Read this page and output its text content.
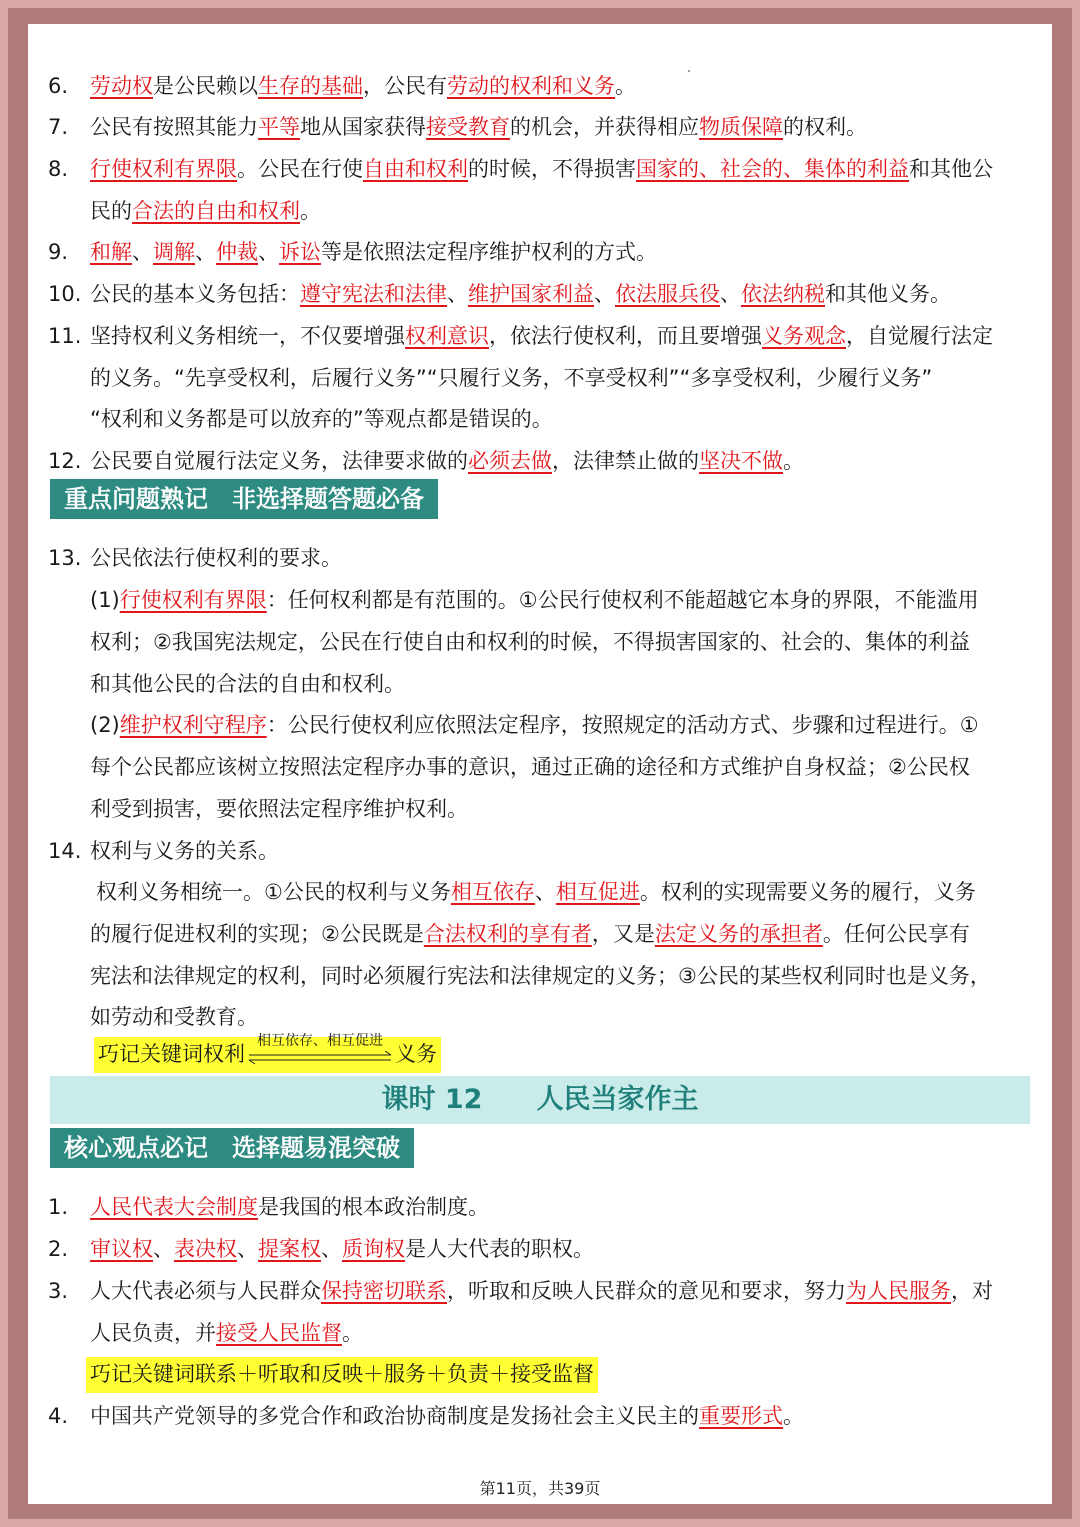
6. 劳动权是公民赖以生存的基础，公民有劳动的权利和义务。
7. 公民有按照其能力平等地从国家获得接受教育的机会，并获得相应物质保障的权利。
8. 行使权利有界限。公民在行使自由和权利的时候，不得损害国家的、社会的、集体的利益和其他公
民的合法的自由和权利。
9. 和解、调解、仲裁、诉讼等是依照法定程序维护权利的方式。
10. 公民的基本义务包括：遵守宪法和法律、维护国家利益、依法服兵役、依法纳税和其他义务。
11. 坚持权利义务相统一，不仅要增强权利意识，依法行使权利，而且要增强义务观念，自觉履行法定
的义务。“先享受权利，后履行义务”“只履行义务，不享受权利”“多享受权利，少履行义务”
“权利和义务都是可以放弃的”等观点都是错误的。
12. 公民要自觉履行法定义务，法律要求做的必须去做，法律禁止做的坚决不做。
重点问题熟记　非选择题答题必备
13. 公民依法行使权利的要求。
(1)行使权利有界限：任何权利都是有范围的。①公民行使权利不能超越它本身的界限，不能滥用
权利；②我国宪法规定，公民在行使自由和权利的时候，不得损害国家的、社会的、集体的利益
和其他公民的合法的自由和权利。
(2)维护权利守程序：公民行使权利应依照法定程序，按照规定的活动方式、步骤和过程进行。①
每个公民都应该树立按照法定程序办事的意识，通过正确的途径和方式维护自身权益；②公民权
利受到损害，要依照法定程序维护权利。
14. 权利与义务的关系。
权利义务相统一。①公民的权利与义务相互依存、相互促进。权利的实现需要义务的履行，义务
的履行促进权利的实现；②公民既是合法权利的享有者，又是法定义务的承担者。任何公民享有
宪法和法律规定的权利，同时必须履行宪法和法律规定的义务；③公民的某些权利同时也是义务，
如劳动和受教育。
巧记关键词权利
相互依存、相互促进
义务
课时 12　　人民当家作主
核心观点必记　选择题易混突破
1. 人民代表大会制度是我国的根本政治制度。
2. 审议权、表决权、提案权、质询权是人大代表的职权。
3. 人大代表必须与人民群众保持密切联系，听取和反映人民群众的意见和要求，努力为人民服务，对
人民负责，并接受人民监督。
巧记关键词联系＋听取和反映＋服务＋负责＋接受监督
4. 中国共产党领导的多党合作和政治协商制度是发扬社会主义民主的重要形式。
第11页，共39页
